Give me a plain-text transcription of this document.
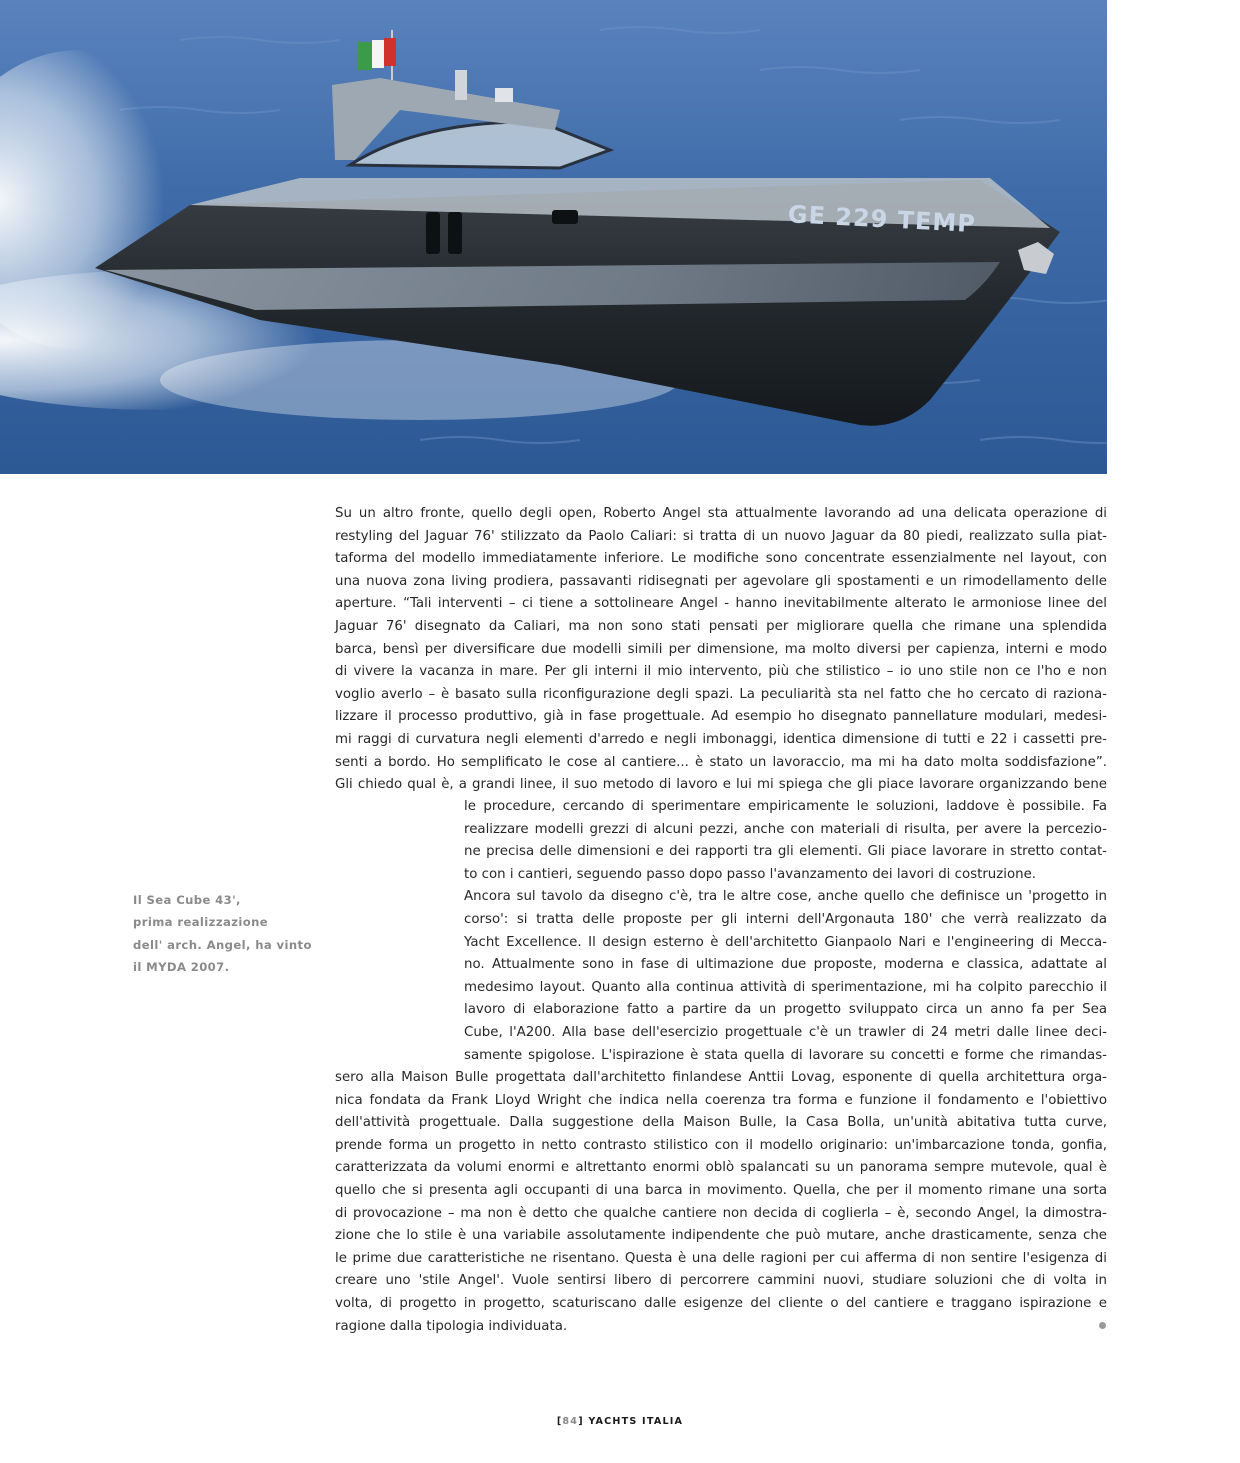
GE 229 TEMP
Il Sea Cube 43',
prima realizzazione
dell' arch. Angel, ha vinto
il MYDA 2007.
Su un altro fronte, quello degli open, Roberto Angel sta attualmente lavorando ad una delicata operazione di
restyling del Jaguar 76' stilizzato da Paolo Caliari: si tratta di un nuovo Jaguar da 80 piedi, realizzato sulla piat-
taforma del modello immediatamente inferiore. Le modifiche sono concentrate essenzialmente nel layout, con
una nuova zona living prodiera, passavanti ridisegnati per agevolare gli spostamenti e un rimodellamento delle
aperture. “Tali interventi – ci tiene a sottolineare Angel - hanno inevitabilmente alterato le armoniose linee del
Jaguar 76' disegnato da Caliari, ma non sono stati pensati per migliorare quella che rimane una splendida
barca, bensì per diversificare due modelli simili per dimensione, ma molto diversi per capienza, interni e modo
di vivere la vacanza in mare. Per gli interni il mio intervento, più che stilistico – io uno stile non ce l'ho e non
voglio averlo – è basato sulla riconfigurazione degli spazi. La peculiarità sta nel fatto che ho cercato di raziona-
lizzare il processo produttivo, già in fase progettuale. Ad esempio ho disegnato pannellature modulari, medesi-
mi raggi di curvatura negli elementi d'arredo e negli imbonaggi, identica dimensione di tutti e 22 i cassetti pre-
senti a bordo. Ho semplificato le cose al cantiere... è stato un lavoraccio, ma mi ha dato molta soddisfazione”.
Gli chiedo qual è, a grandi linee, il suo metodo di lavoro e lui mi spiega che gli piace lavorare organizzando bene
le procedure, cercando di sperimentare empiricamente le soluzioni, laddove è possibile. Fa
realizzare modelli grezzi di alcuni pezzi, anche con materiali di risulta, per avere la percezio-
ne precisa delle dimensioni e dei rapporti tra gli elementi. Gli piace lavorare in stretto contat-
to con i cantieri, seguendo passo dopo passo l'avanzamento dei lavori di costruzione.
Ancora sul tavolo da disegno c'è, tra le altre cose, anche quello che definisce un 'progetto in
corso': si tratta delle proposte per gli interni dell'Argonauta 180' che verrà realizzato da
Yacht Excellence. Il design esterno è dell'architetto Gianpaolo Nari e l'engineering di Mecca-
no. Attualmente sono in fase di ultimazione due proposte, moderna e classica, adattate al
medesimo layout. Quanto alla continua attività di sperimentazione, mi ha colpito parecchio il
lavoro di elaborazione fatto a partire da un progetto sviluppato circa un anno fa per Sea
Cube, l'A200. Alla base dell'esercizio progettuale c'è un trawler di 24 metri dalle linee deci-
samente spigolose. L'ispirazione è stata quella di lavorare su concetti e forme che rimandas-
sero alla Maison Bulle progettata dall'architetto finlandese Anttii Lovag, esponente di quella architettura orga-
nica fondata da Frank Lloyd Wright che indica nella coerenza tra forma e funzione il fondamento e l'obiettivo
dell'attività progettuale. Dalla suggestione della Maison Bulle, la Casa Bolla, un'unità abitativa tutta curve,
prende forma un progetto in netto contrasto stilistico con il modello originario: un'imbarcazione tonda, gonfia,
caratterizzata da volumi enormi e altrettanto enormi oblò spalancati su un panorama sempre mutevole, qual è
quello che si presenta agli occupanti di una barca in movimento. Quella, che per il momento rimane una sorta
di provocazione – ma non è detto che qualche cantiere non decida di coglierla – è, secondo Angel, la dimostra-
zione che lo stile è una variabile assolutamente indipendente che può mutare, anche drasticamente, senza che
le prime due caratteristiche ne risentano. Questa è una delle ragioni per cui afferma di non sentire l'esigenza di
creare uno 'stile Angel'. Vuole sentirsi libero di percorrere cammini nuovi, studiare soluzioni che di volta in
volta, di progetto in progetto, scaturiscano dalle esigenze del cliente o del cantiere e traggano ispirazione e
ragione dalla tipologia individuata.
[84] YACHTS ITALIA
